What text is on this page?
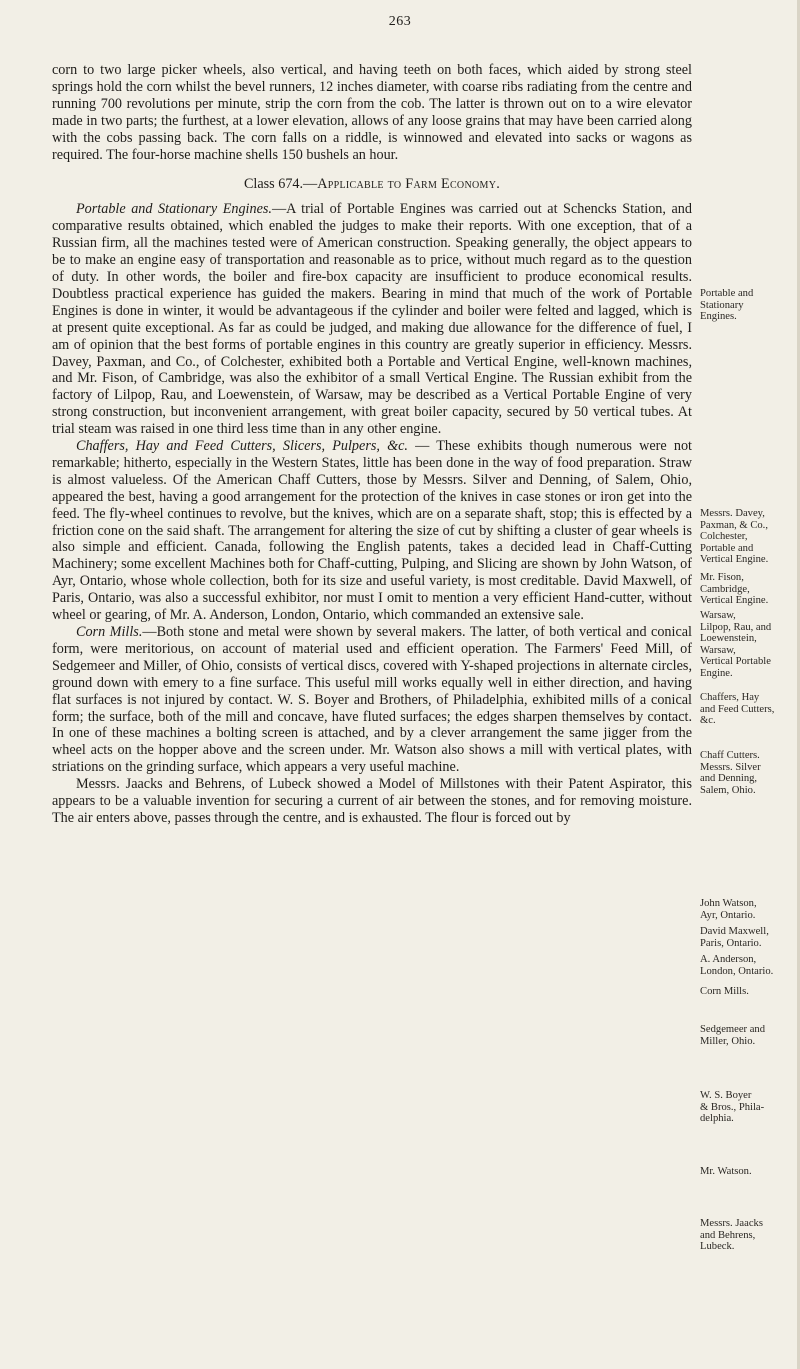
263

corn to two large picker wheels, also vertical, and having teeth on both faces, which aided by strong steel springs hold the corn whilst the bevel runners, 12 inches diameter, with coarse ribs radiating from the centre and running 700 revolutions per minute, strip the corn from the cob. The latter is thrown out on to a wire elevator made in two parts; the furthest, at a lower elevation, allows of any loose grains that may have been carried along with the cobs passing back. The corn falls on a riddle, is winnowed and elevated into sacks or wagons as required. The four-horse machine shells 150 bushels an hour.

Class 674.—Applicable to Farm Economy.

Portable and Stationary Engines.—A trial of Portable Engines was carried out at Schencks Station, and comparative results obtained, which enabled the judges to make their reports. With one exception, that of a Russian firm, all the machines tested were of American construction. Speaking generally, the object appears to be to make an engine easy of transportation and reasonable as to price, without much regard as to the question of duty. In other words, the boiler and fire-box capacity are insufficient to produce economical results. Doubtless practical experience has guided the makers. Bearing in mind that much of the work of Portable Engines is done in winter, it would be advantageous if the cylinder and boiler were felted and lagged, which is at present quite exceptional. As far as could be judged, and making due allowance for the difference of fuel, I am of opinion that the best forms of portable engines in this country are greatly superior in efficiency. Messrs. Davey, Paxman, and Co., of Colchester, exhibited both a Portable and Vertical Engine, well-known machines, and Mr. Fison, of Cambridge, was also the exhibitor of a small Vertical Engine. The Russian exhibit from the factory of Lilpop, Rau, and Loewenstein, of Warsaw, may be described as a Vertical Portable Engine of very strong construction, but inconvenient arrangement, with great boiler capacity, secured by 50 vertical tubes. At trial steam was raised in one third less time than in any other engine.

Chaffers, Hay and Feed Cutters, Slicers, Pulpers, &c. — These exhibits though numerous were not remarkable; hitherto, especially in the Western States, little has been done in the way of food preparation. Straw is almost valueless. Of the American Chaff Cutters, those by Messrs. Silver and Denning, of Salem, Ohio, appeared the best, having a good arrangement for the protection of the knives in case stones or iron get into the feed. The fly-wheel continues to revolve, but the knives, which are on a separate shaft, stop; this is effected by a friction cone on the said shaft. The arrangement for altering the size of cut by shifting a cluster of gear wheels is also simple and efficient. Canada, following the English patents, takes a decided lead in Chaff-Cutting Machinery; some excellent Machines both for Chaff-cutting, Pulping, and Slicing are shown by John Watson, of Ayr, Ontario, whose whole collection, both for its size and useful variety, is most creditable. David Maxwell, of Paris, Ontario, was also a successful exhibitor, nor must I omit to mention a very efficient Hand-cutter, without wheel or gearing, of Mr. A. Anderson, London, Ontario, which commanded an extensive sale.

Corn Mills.—Both stone and metal were shown by several makers. The latter, of both vertical and conical form, were meritorious, on account of material used and efficient operation. The Farmers' Feed Mill, of Sedgemeer and Miller, of Ohio, consists of vertical discs, covered with Y-shaped projections in alternate circles, ground down with emery to a fine surface. This useful mill works equally well in either direction, and having flat surfaces is not injured by contact. W. S. Boyer and Brothers, of Philadelphia, exhibited mills of a conical form; the surface, both of the mill and concave, have fluted surfaces; the edges sharpen themselves by contact. In one of these machines a bolting screen is attached, and by a clever arrangement the same jigger from the wheel acts on the hopper above and the screen under. Mr. Watson also shows a mill with vertical plates, with striations on the grinding surface, which appears a very useful machine.

Messrs. Jaacks and Behrens, of Lubeck showed a Model of Millstones with their Patent Aspirator, this appears to be a valuable invention for securing a current of air between the stones, and for removing moisture. The air enters above, passes through the centre, and is exhausted. The flour is forced out by

Portable and
Stationary
Engines.
Messrs. Davey,
Paxman, & Co.,
Colchester,
Portable and
Vertical Engine.
Mr. Fison,
Cambridge,
Vertical Engine.
Warsaw,
Lilpop, Rau, and
Loewenstein,
Warsaw,
Vertical Portable
Engine.
Chaffers, Hay
and Feed Cutters,
&c.
Chaff Cutters.
Messrs. Silver
and Denning,
Salem, Ohio.
John Watson,
Ayr, Ontario.
David Maxwell,
Paris, Ontario.
A. Anderson,
London, Ontario.
Corn Mills.
Sedgemeer and
Miller, Ohio.
W. S. Boyer
& Bros., Phila-
delphia.
Mr. Watson.
Messrs. Jaacks
and Behrens,
Lubeck.
